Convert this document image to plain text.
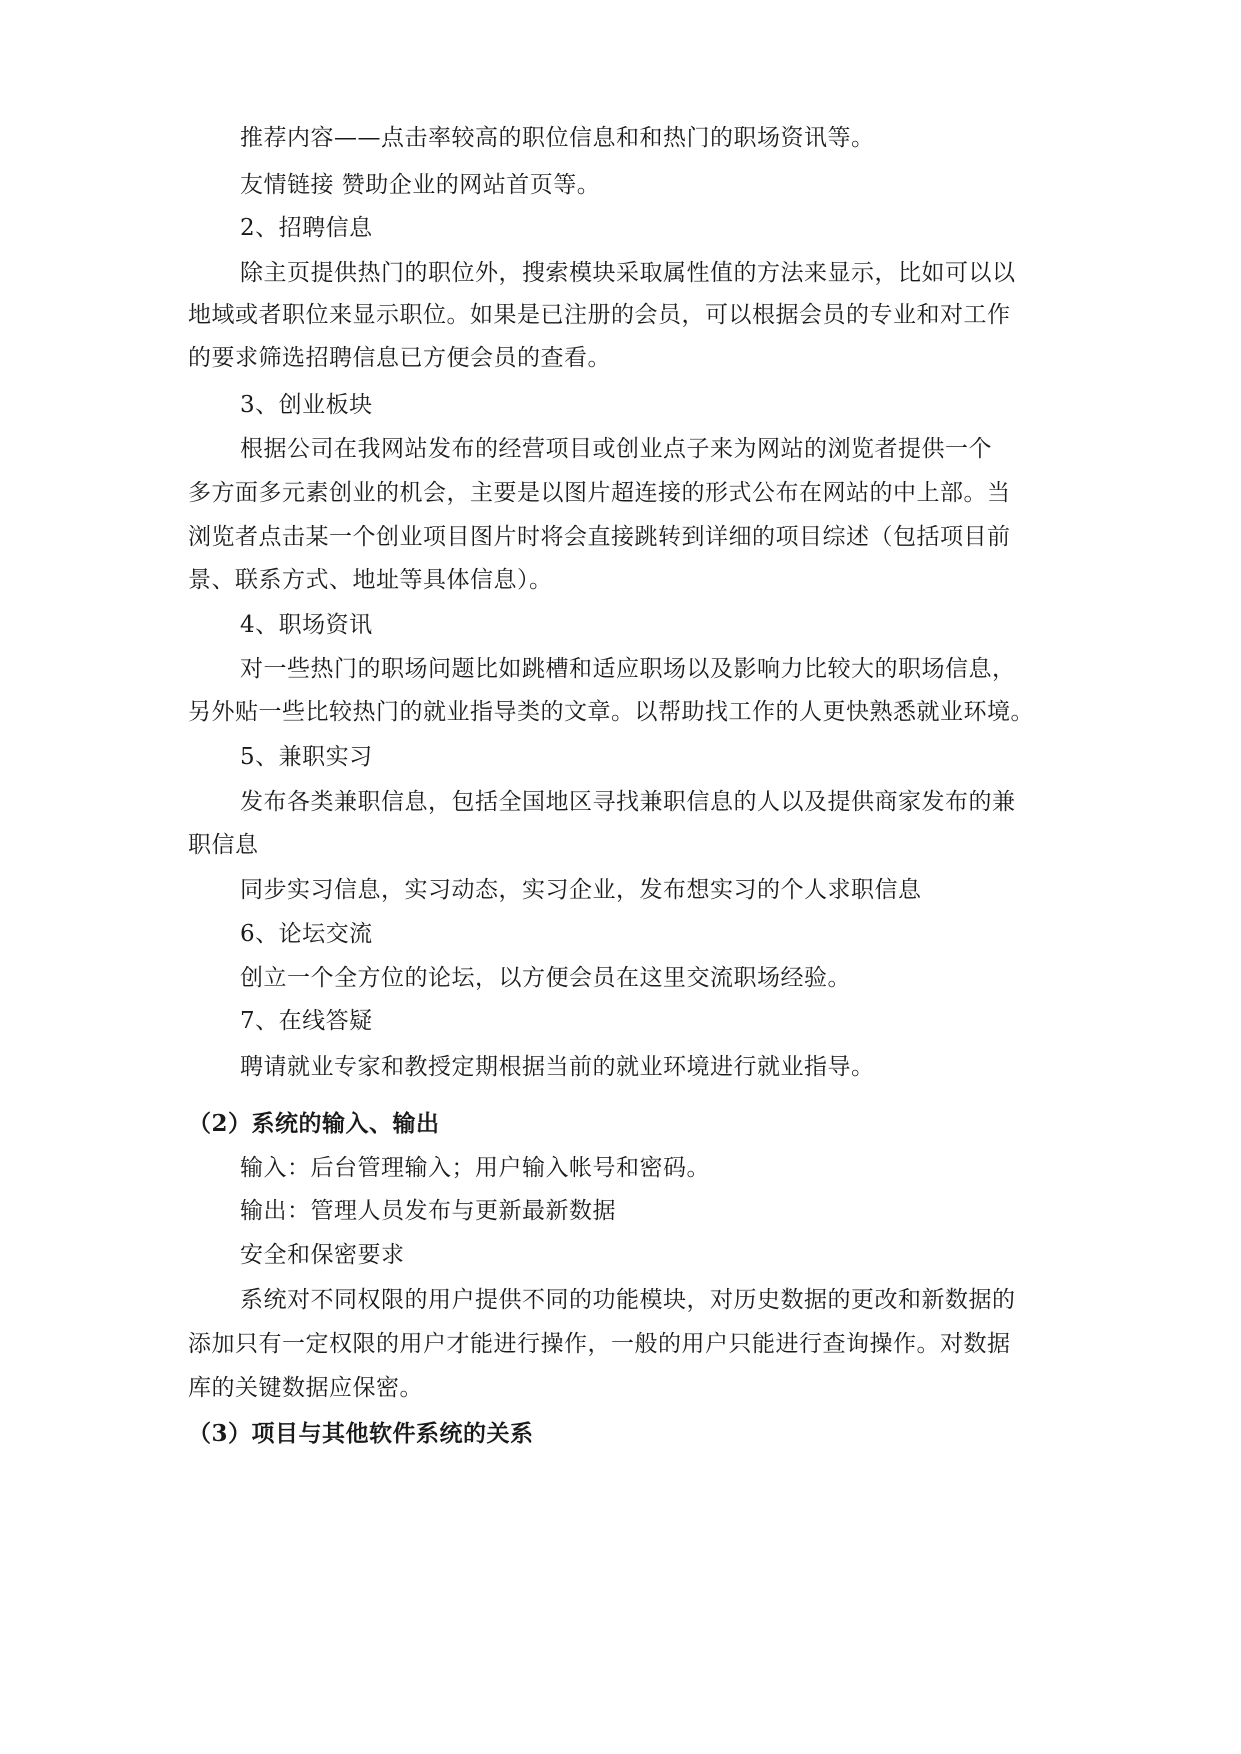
推荐内容——点击率较高的职位信息和和热门的职场资讯等。
友情链接 赞助企业的网站首页等。
2、招聘信息
除主页提供热门的职位外，搜索模块采取属性值的方法来显示，比如可以以
地域或者职位来显示职位。如果是已注册的会员，可以根据会员的专业和对工作
的要求筛选招聘信息已方便会员的查看。
3、创业板块
根据公司在我网站发布的经营项目或创业点子来为网站的浏览者提供一个
多方面多元素创业的机会，主要是以图片超连接的形式公布在网站的中上部。当
浏览者点击某一个创业项目图片时将会直接跳转到详细的项目综述（包括项目前
景、联系方式、地址等具体信息）。
4、职场资讯
对一些热门的职场问题比如跳槽和适应职场以及影响力比较大的职场信息，
另外贴一些比较热门的就业指导类的文章。以帮助找工作的人更快熟悉就业环境。
5、兼职实习
发布各类兼职信息，包括全国地区寻找兼职信息的人以及提供商家发布的兼
职信息
同步实习信息，实习动态，实习企业，发布想实习的个人求职信息
6、论坛交流
创立一个全方位的论坛，以方便会员在这里交流职场经验。
7、在线答疑
聘请就业专家和教授定期根据当前的就业环境进行就业指导。
（2）系统的输入、输出
输入：后台管理输入；用户输入帐号和密码。
输出：管理人员发布与更新最新数据
安全和保密要求
系统对不同权限的用户提供不同的功能模块，对历史数据的更改和新数据的
添加只有一定权限的用户才能进行操作，一般的用户只能进行查询操作。对数据
库的关键数据应保密。
（3）项目与其他软件系统的关系
